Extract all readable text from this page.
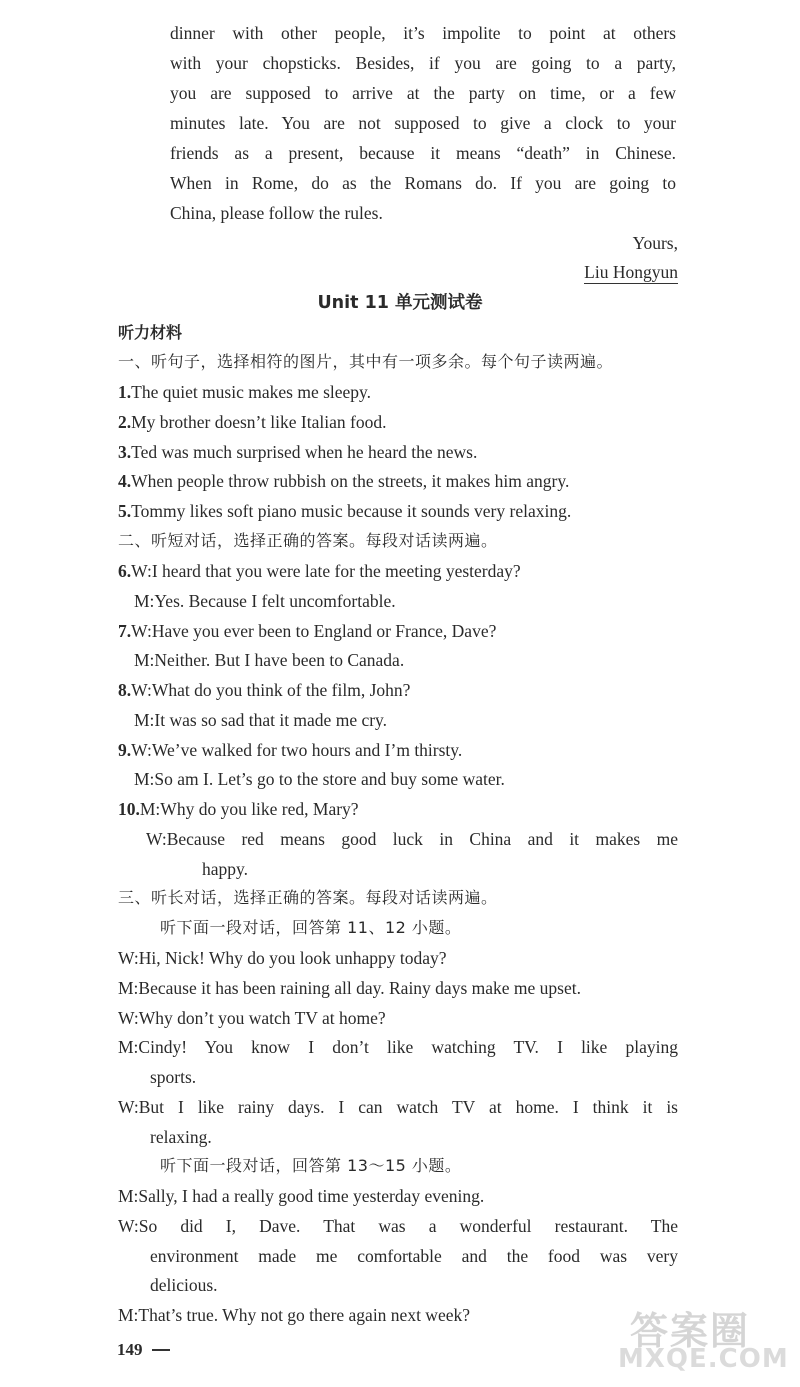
dinner with other people, it’s impolite to point at others
with your chopsticks. Besides, if you are going to a party,
you are supposed to arrive at the party on time, or a few
minutes late. You are not supposed to give a clock to your
friends as a present, because it means “death” in Chinese.
When in Rome, do as the Romans do. If you are going to
China, please follow the rules.
Yours,
Liu Hongyun
Unit 11 单元测试卷
听力材料
一、听句子，选择相符的图片，其中有一项多余。每个句子读两遍。
1.The quiet music makes me sleepy.
2.My brother doesn’t like Italian food.
3.Ted was much surprised when he heard the news.
4.When people throw rubbish on the streets, it makes him angry.
5.Tommy likes soft piano music because it sounds very relaxing.
二、听短对话，选择正确的答案。每段对话读两遍。
6.W:I heard that you were late for the meeting yesterday?
M:Yes. Because I felt uncomfortable.
7.W:Have you ever been to England or France, Dave?
M:Neither. But I have been to Canada.
8.W:What do you think of the film, John?
M:It was so sad that it made me cry.
9.W:We’ve walked for two hours and I’m thirsty.
M:So am I. Let’s go to the store and buy some water.
10.M:Why do you like red, Mary?
W:Because red means good luck in China and it makes me
happy.
三、听长对话，选择正确的答案。每段对话读两遍。
听下面一段对话，回答第 11、12 小题。
W:Hi, Nick! Why do you look unhappy today?
M:Because it has been raining all day. Rainy days make me upset.
W:Why don’t you watch TV at home?
M:Cindy! You know I don’t like watching TV. I like playing
sports.
W:But I like rainy days. I can watch TV at home. I think it is
relaxing.
听下面一段对话，回答第 13～15 小题。
M:Sally, I had a really good time yesterday evening.
W:So did I, Dave. That was a wonderful restaurant. The
environment made me comfortable and the food was very
delicious.
M:That’s true. Why not go there again next week?
149	答案圈
MXQE.COM
